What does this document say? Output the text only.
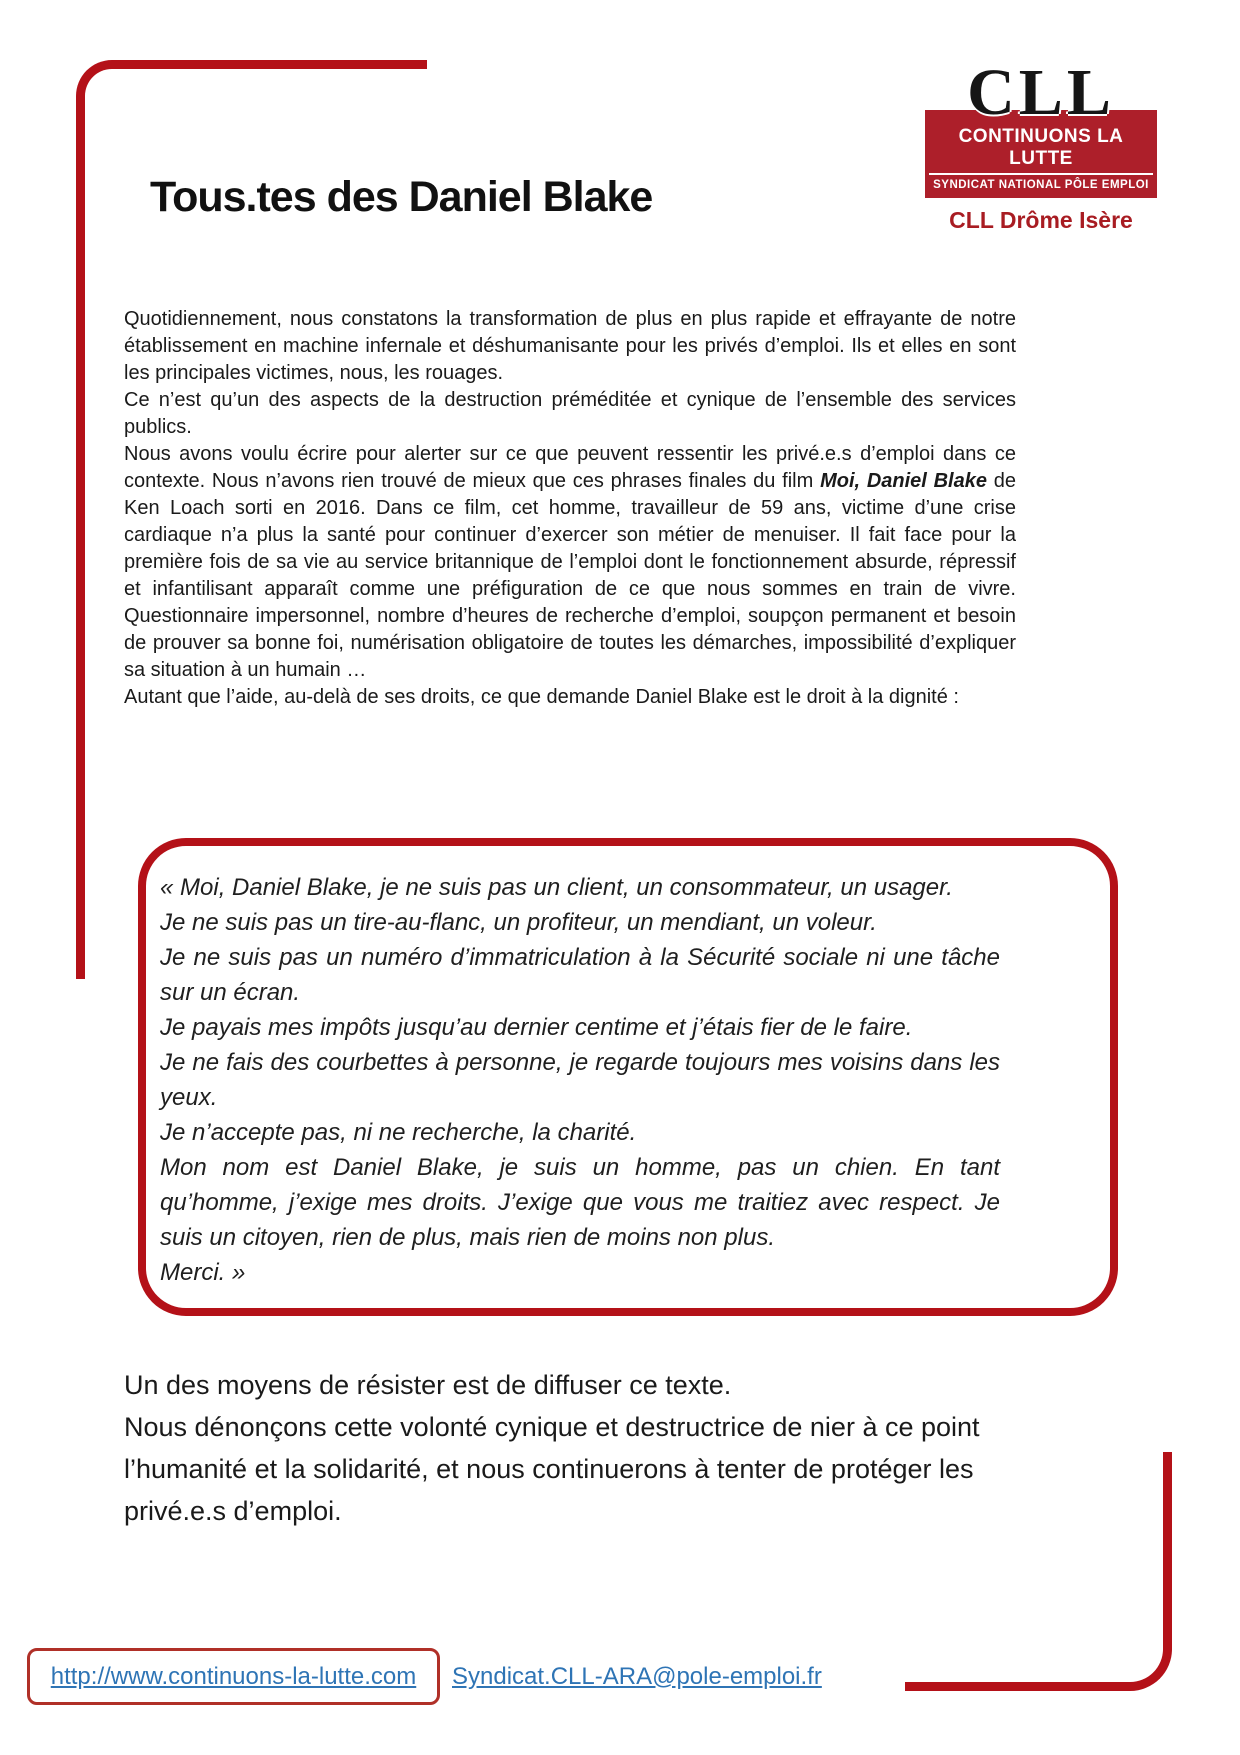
CLL
CONTINUONS LA LUTTE
SYNDICAT NATIONAL PÔLE EMPLOI
CLL Drôme Isère
Tous.tes des Daniel Blake

Quotidiennement, nous constatons la transformation de plus en plus rapide et effrayante de notre établissement en machine infernale et déshumanisante pour les privés d’emploi. Ils et elles en sont les principales victimes, nous, les rouages.

Ce n’est qu’un des aspects de la destruction préméditée et cynique de l’ensemble des services publics.

Nous avons voulu écrire pour alerter sur ce que peuvent ressentir les privé.e.s d’emploi dans ce contexte. Nous n’avons rien trouvé de mieux que ces phrases finales du film Moi, Daniel Blake de Ken Loach sorti en 2016. Dans ce film, cet homme, travailleur de 59 ans, victime d’une crise cardiaque n’a plus la santé pour continuer d’exercer son métier de menuiser. Il fait face pour la première fois de sa vie au service britannique de l’emploi dont le fonctionnement absurde, répressif et infantilisant apparaît comme une préfiguration de ce que nous sommes en train de vivre. Questionnaire impersonnel, nombre d’heures de recherche d’emploi, soupçon permanent et besoin de prouver sa bonne foi, numérisation obligatoire de toutes les démarches, impossibilité d’expliquer sa situation à un humain …

Autant que l’aide, au-delà de ses droits, ce que demande Daniel Blake est le droit à la dignité :

« Moi, Daniel Blake, je ne suis pas un client, un consommateur, un usager.

Je ne suis pas un tire-au-flanc, un profiteur, un mendiant, un voleur.

Je ne suis pas un numéro d’immatriculation à la Sécurité sociale ni une tâche sur un écran.

Je payais mes impôts jusqu’au dernier centime et j’étais fier de le faire.

Je ne fais des courbettes à personne, je regarde toujours mes voisins dans les yeux.

Je n’accepte pas, ni ne recherche, la charité.

Mon nom est Daniel Blake, je suis un homme, pas un chien. En tant qu’homme, j’exige mes droits. J’exige que vous me traitiez avec respect. Je suis un citoyen, rien de plus, mais rien de moins non plus.

Merci. »

Un des moyens de résister est de diffuser ce texte.

Nous dénonçons cette volonté cynique et destructrice de nier à ce point l’humanité et la solidarité, et nous continuerons à tenter de protéger les privé.e.s d’emploi.

http://www.continuons-la-lutte.com Syndicat.CLL-ARA@pole-emploi.fr
